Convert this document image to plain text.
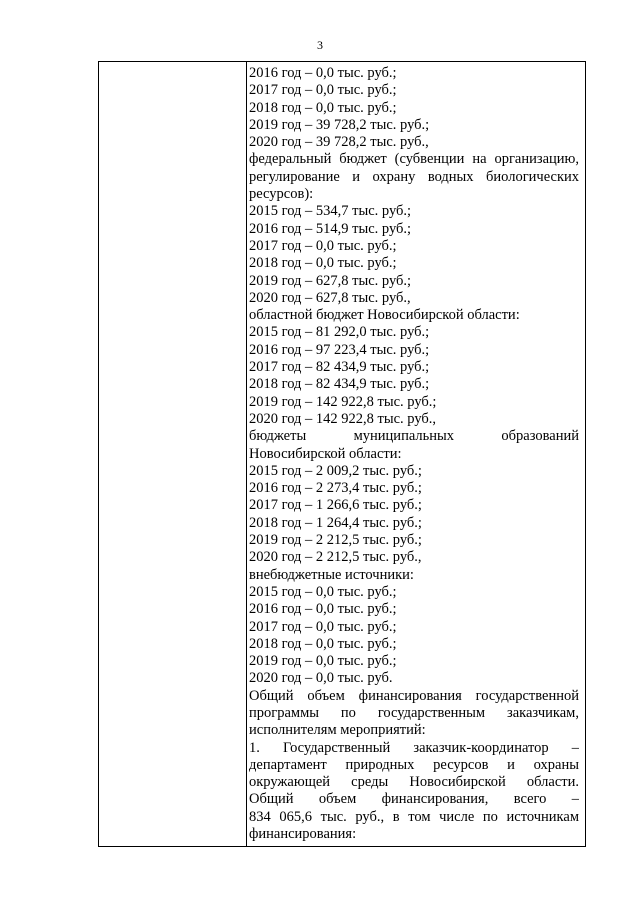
3
2016 год – 0,0 тыс. руб.;
2017 год – 0,0 тыс. руб.;
2018 год – 0,0 тыс. руб.;
2019 год – 39 728,2 тыс. руб.;
2020 год – 39 728,2 тыс. руб.,
федеральный бюджет (субвенции на организацию,
регулирование и охрану водных биологических
ресурсов):
2015 год – 534,7 тыс. руб.;
2016 год – 514,9 тыс. руб.;
2017 год – 0,0 тыс. руб.;
2018 год – 0,0 тыс. руб.;
2019 год – 627,8 тыс. руб.;
2020 год – 627,8 тыс. руб.,
областной бюджет Новосибирской области:
2015 год – 81 292,0 тыс. руб.;
2016 год – 97 223,4 тыс. руб.;
2017 год – 82 434,9 тыс. руб.;
2018 год – 82 434,9 тыс. руб.;
2019 год – 142 922,8 тыс. руб.;
2020 год – 142 922,8 тыс. руб.,
бюджеты муниципальных образований
Новосибирской области:
2015 год – 2 009,2 тыс. руб.;
2016 год – 2 273,4 тыс. руб.;
2017 год – 1 266,6 тыс. руб.;
2018 год – 1 264,4 тыс. руб.;
2019 год – 2 212,5 тыс. руб.;
2020 год – 2 212,5 тыс. руб.,
внебюджетные источники:
2015 год – 0,0 тыс. руб.;
2016 год – 0,0 тыс. руб.;
2017 год – 0,0 тыс. руб.;
2018 год – 0,0 тыс. руб.;
2019 год – 0,0 тыс. руб.;
2020 год – 0,0 тыс. руб.
Общий объем финансирования государственной
программы по государственным заказчикам,
исполнителям мероприятий:
1. Государственный заказчик-координатор –
департамент природных ресурсов и охраны
окружающей среды Новосибирской области.
Общий объем финансирования, всего –
834 065,6 тыс. руб., в том числе по источникам
финансирования:
